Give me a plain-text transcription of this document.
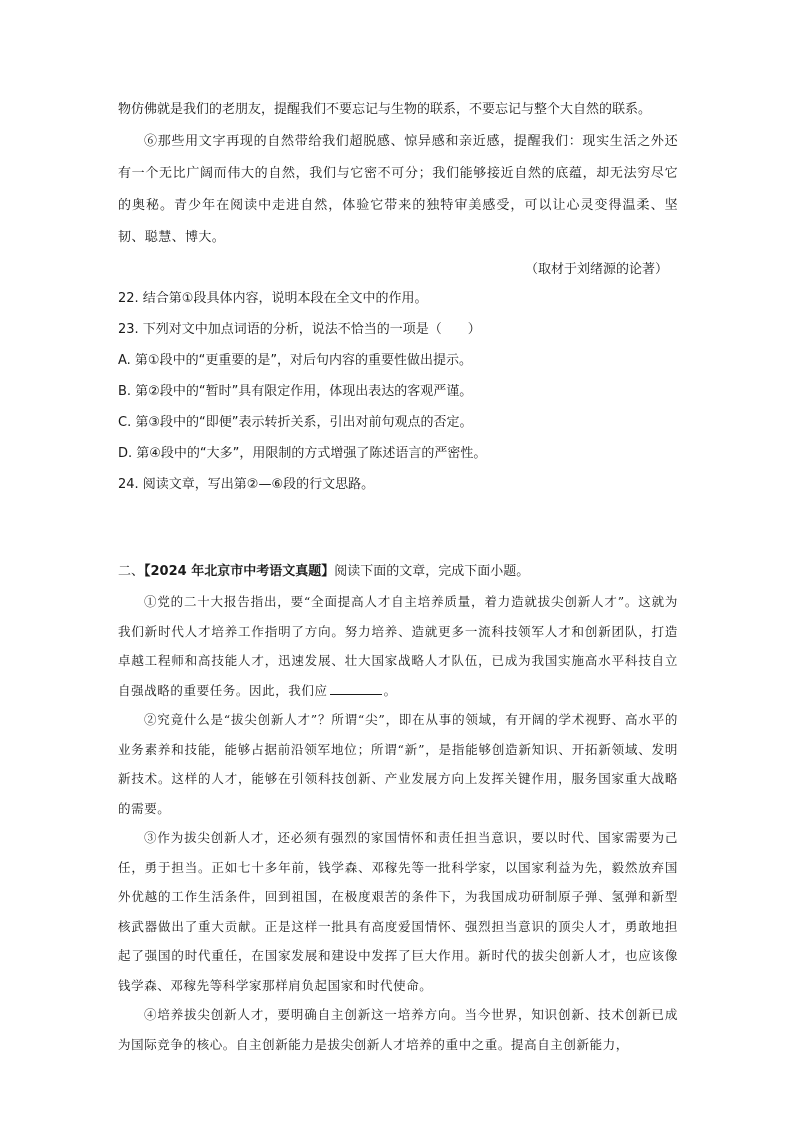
物仿佛就是我们的老朋友，提醒我们不要忘记与生物的联系，不要忘记与整个大自然的联系。

⑥那些用文字再现的自然带给我们超脱感、惊异感和亲近感，提醒我们：现实生活之外还有一个无比广阔而伟大的自然，我们与它密不可分；我们能够接近自然的底蕴，却无法穷尽它的奥秘。青少年在阅读中走进自然，体验它带来的独特审美感受，可以让心灵变得温柔、坚韧、聪慧、博大。

（取材于刘绪源的论著）

22. 结合第①段具体内容，说明本段在全文中的作用。

23. 下列对文中加点词语的分析，说法不恰当的一项是（　　）

A. 第①段中的“更重要的是”，对后句内容的重要性做出提示。

B. 第②段中的“暂时”具有限定作用，体现出表达的客观严谨。

C. 第③段中的“即便”表示转折关系，引出对前句观点的否定。

D. 第④段中的“大多”，用限制的方式增强了陈述语言的严密性。

24. 阅读文章，写出第②—⑥段的行文思路。

二、【2024 年北京市中考语文真题】阅读下面的文章，完成下面小题。

①党的二十大报告指出，要“全面提高人才自主培养质量，着力造就拔尖创新人才”。这就为我们新时代人才培养工作指明了方向。努力培养、造就更多一流科技领军人才和创新团队，打造卓越工程师和高技能人才，迅速发展、壮大国家战略人才队伍，已成为我国实施高水平科技自立自强战略的重要任务。因此，我们应	。

②究竟什么是“拔尖创新人才”？所谓“尖”，即在从事的领域，有开阔的学术视野、高水平的业务素养和技能，能够占据前沿领军地位；所谓“新”，是指能够创造新知识、开拓新领域、发明新技术。这样的人才，能够在引领科技创新、产业发展方向上发挥关键作用，服务国家重大战略的需要。

③作为拔尖创新人才，还必须有强烈的家国情怀和责任担当意识，要以时代、国家需要为己任，勇于担当。正如七十多年前，钱学森、邓稼先等一批科学家，以国家利益为先，毅然放弃国外优越的工作生活条件，回到祖国，在极度艰苦的条件下，为我国成功研制原子弹、氢弹和新型核武器做出了重大贡献。正是这样一批具有高度爱国情怀、强烈担当意识的顶尖人才，勇敢地担起了强国的时代重任，在国家发展和建设中发挥了巨大作用。新时代的拔尖创新人才，也应该像钱学森、邓稼先等科学家那样肩负起国家和时代使命。

④培养拔尖创新人才，要明确自主创新这一培养方向。当今世界，知识创新、技术创新已成为国际竞争的核心。自主创新能力是拔尖创新人才培养的重中之重。提高自主创新能力，
